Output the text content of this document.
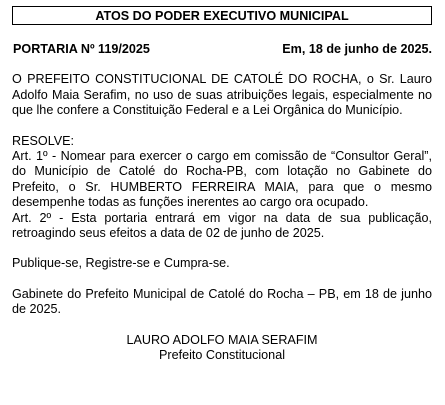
ATOS DO PODER EXECUTIVO MUNICIPAL
PORTARIA Nº 119/2025	Em, 18 de junho de 2025.

O PREFEITO CONSTITUCIONAL DE CATOLÉ DO ROCHA, o Sr. Lauro Adolfo Maia Serafim, no uso de suas atribuições legais, especialmente no que lhe confere a Constituição Federal e a Lei Orgânica do Município.

RESOLVE:

Art. 1º - Nomear para exercer o cargo em comissão de “Consultor Geral”, do Município de Catolé do Rocha-PB, com lotação no Gabinete do Prefeito, o Sr. HUMBERTO FERREIRA MAIA, para que o mesmo desempenhe todas as funções inerentes ao cargo ora ocupado.

Art. 2º - Esta portaria entrará em vigor na data de sua publicação, retroagindo seus efeitos a data de 02 de junho de 2025.

Publique-se, Registre-se e Cumpra-se.

Gabinete do Prefeito Municipal de Catolé do Rocha – PB, em 18 de junho de 2025.

LAURO ADOLFO MAIA SERAFIM
Prefeito Constitucional
